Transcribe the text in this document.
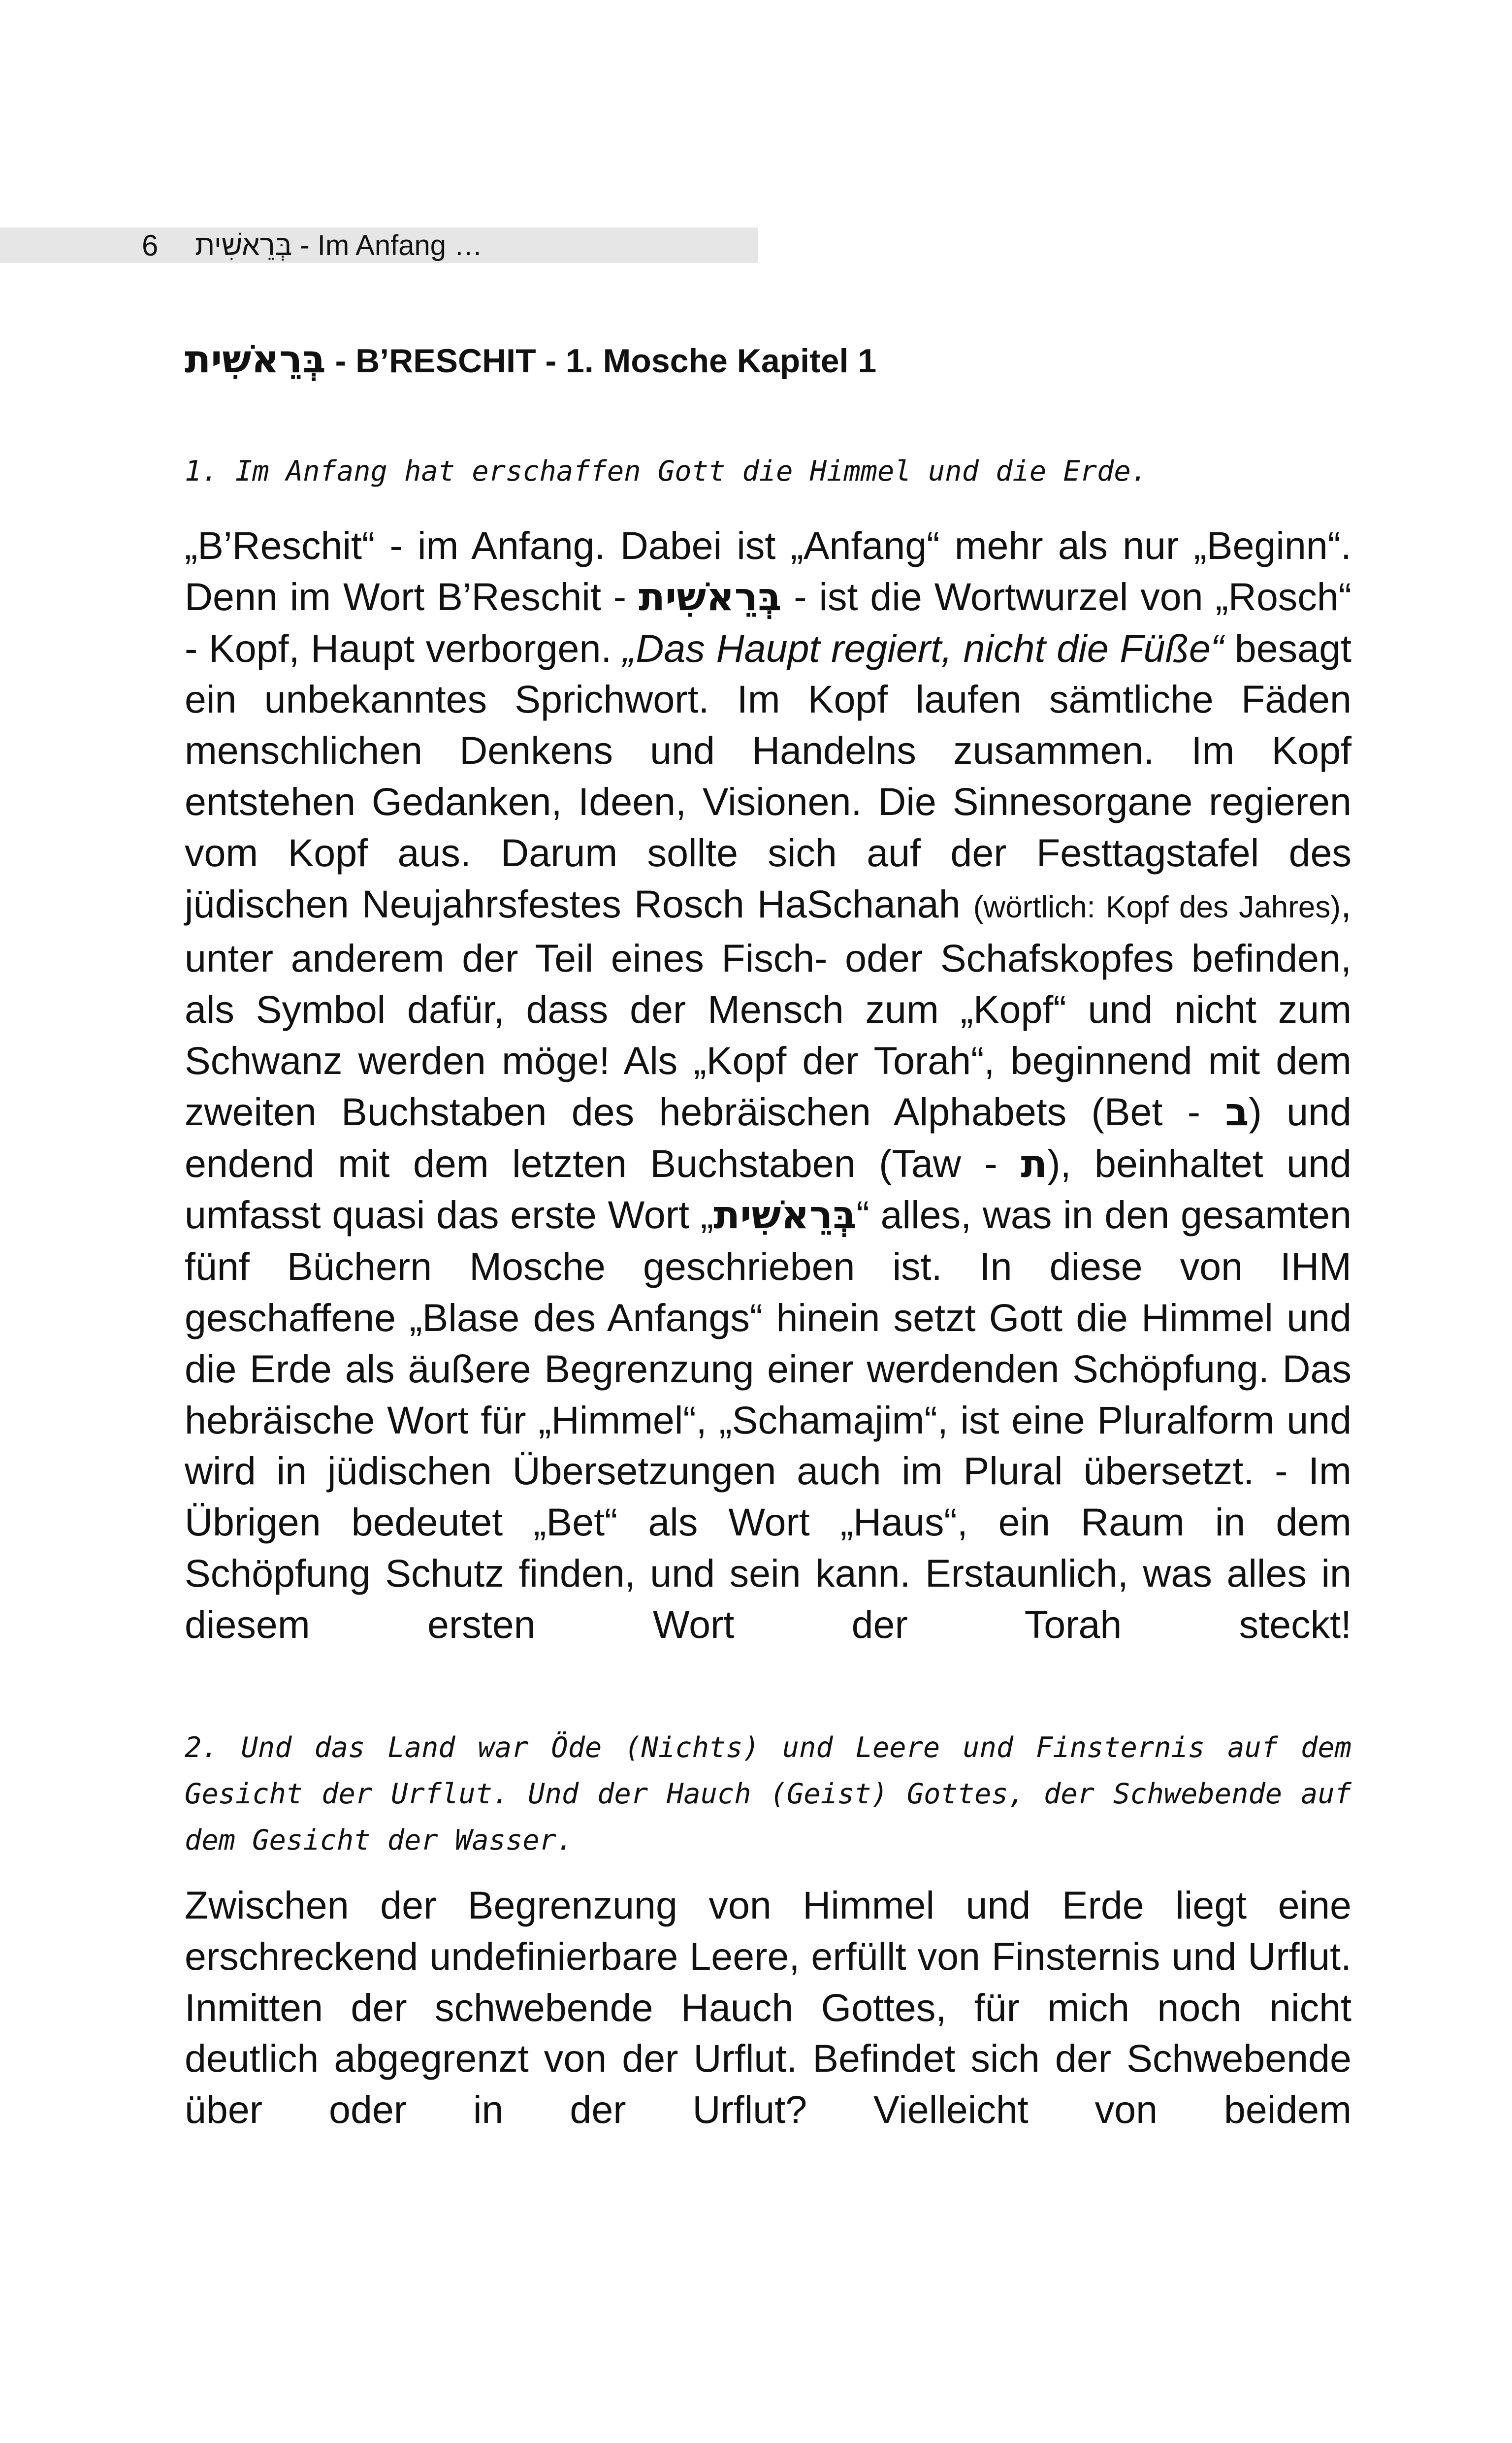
6 בְּרֵאשִׁית - Im Anfang …
בְּרֵאשִׁית - B’RESCHIT - 1. Mosche Kapitel 1
1. Im Anfang hat erschaffen Gott die Himmel und die Erde.
„B’Reschit“ - im Anfang. Dabei ist „Anfang“ mehr als nur „Beginn“. Denn im Wort B’Reschit - בְּרֵאשִׁית - ist die Wortwurzel von „Rosch“ - Kopf, Haupt verborgen. „Das Haupt regiert, nicht die Füße“ besagt ein unbekanntes Sprichwort. Im Kopf laufen sämtliche Fäden menschlichen Denkens und Handelns zusammen. Im Kopf entstehen Gedanken, Ideen, Visionen. Die Sinnesorgane regieren vom Kopf aus. Darum sollte sich auf der Festtagstafel des jüdischen Neujahrsfestes Rosch HaSchanah (wörtlich: Kopf des Jahres), unter anderem der Teil eines Fisch- oder Schafskopfes befinden, als Symbol dafür, dass der Mensch zum „Kopf“ und nicht zum Schwanz werden möge! Als „Kopf der Torah“, beginnend mit dem zweiten Buchstaben des hebräischen Alphabets (Bet - ב) und endend mit dem letzten Buchstaben (Taw - ת), beinhaltet und umfasst quasi das erste Wort „בְּרֵאשִׁית“ alles, was in den gesamten fünf Büchern Mosche geschrieben ist. In diese von IHM geschaffene „Blase des Anfangs“ hinein setzt Gott die Himmel und die Erde als äußere Begrenzung einer werdenden Schöpfung. Das hebräische Wort für „Himmel“, „Schamajim“, ist eine Pluralform und wird in jüdischen Übersetzungen auch im Plural übersetzt. - Im Übrigen bedeutet „Bet“ als Wort „Haus“, ein Raum in dem Schöpfung Schutz finden, und sein kann. Erstaunlich, was alles in diesem ersten Wort der Torah steckt!
2. Und das Land war Öde (Nichts) und Leere und Finsternis auf dem Gesicht der Urflut. Und der Hauch (Geist) Gottes, der Schwebende auf dem Gesicht der Wasser.
Zwischen der Begrenzung von Himmel und Erde liegt eine erschreckend undefinierbare Leere, erfüllt von Finsternis und Urflut. Inmitten der schwebende Hauch Gottes, für mich noch nicht deutlich abgegrenzt von der Urflut. Befindet sich der Schwebende über oder in der Urflut? Vielleicht von beidem
